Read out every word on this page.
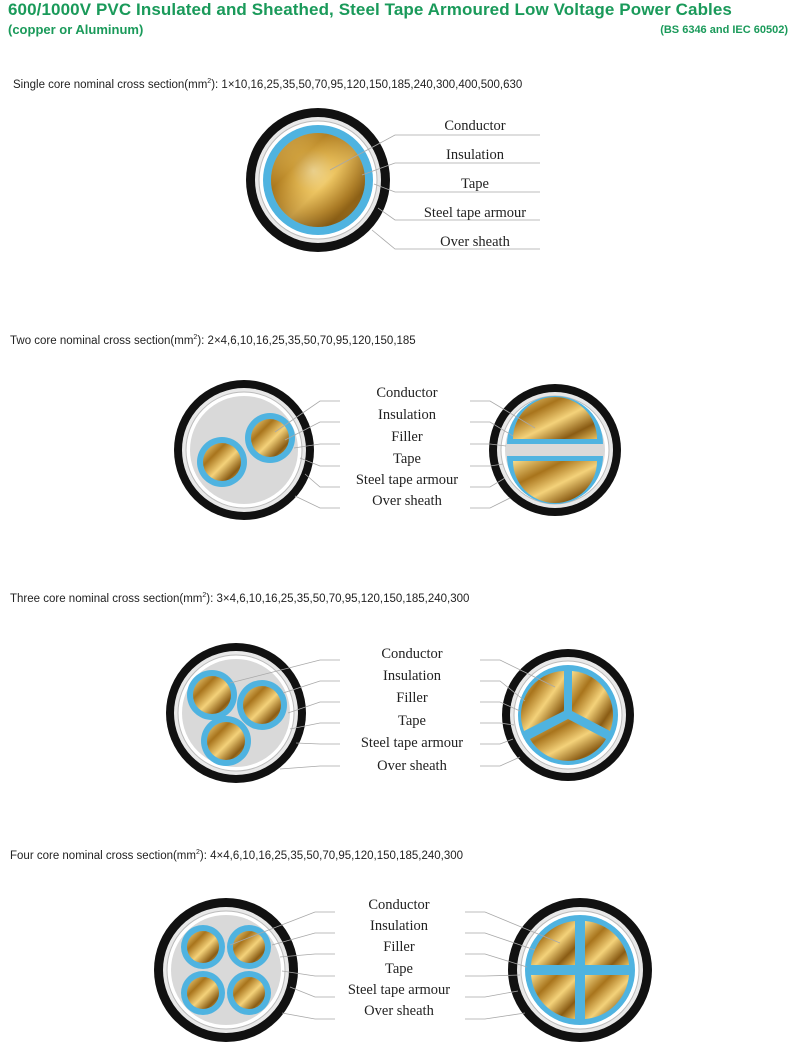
600/1000V PVC Insulated and Sheathed, Steel Tape Armoured Low Voltage Power Cables
(copper or Aluminum)	(BS 6346 and IEC 60502)
Single core nominal cross $section(mm^2)$: 1×10,16,25,35,50,70,95,120,150,185,240,300,400,500,630
Two core nominal cross $section(mm^2)$: 2×4,6,10,16,25,35,50,70,95,120,150,185
Three core nominal cross $section(mm^2)$: 3×4,6,10,16,25,35,50,70,95,120,150,185,240,300
Four core nominal cross $section(mm^2)$: 4×4,6,10,16,25,35,50,70,95,120,150,185,240,300
Conductor
Insulation
Tape
Steel tape armour
Over sheath
Conductor
Insulation
Filler
Tape
Steel tape armour
Over sheath
Conductor
Insulation
Filler
Tape
Steel tape armour
Over sheath
Conductor
Insulation
Filler
Tape
Steel tape armour
Over sheath
